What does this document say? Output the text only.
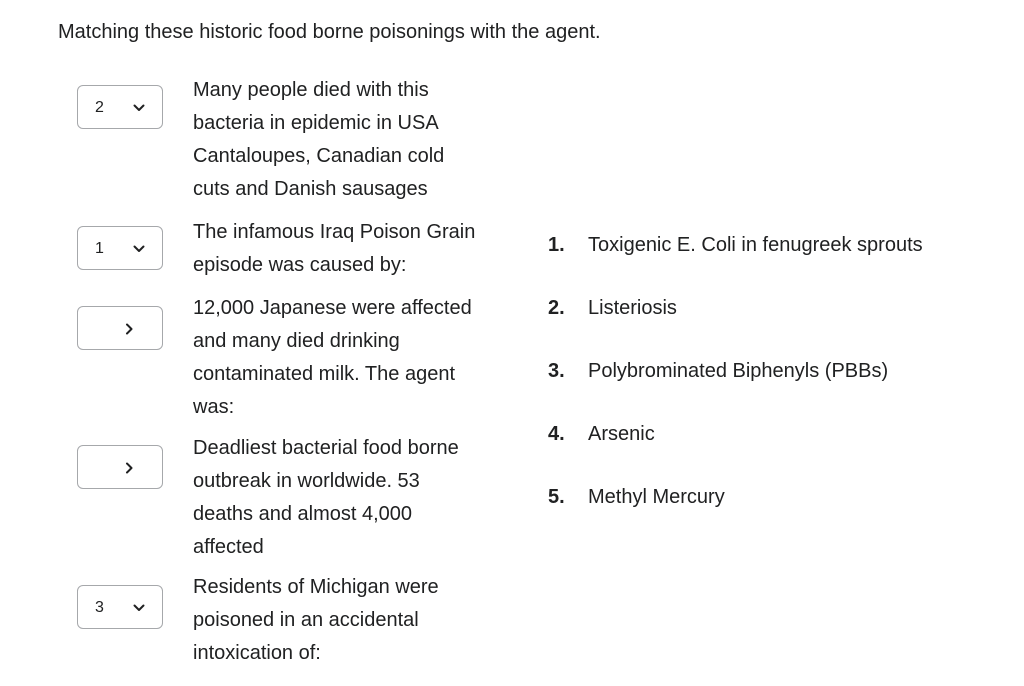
Matching these historic food borne poisonings with the agent.
2
Many people died with this
bacteria in epidemic in USA
Cantaloupes, Canadian cold
cuts and Danish sausages
1
The infamous Iraq Poison Grain
episode was caused by:
12,000 Japanese were affected
and many died drinking
contaminated milk. The agent
was:
Deadliest bacterial food borne
outbreak in worldwide. 53
deaths and almost 4,000
affected
3
Residents of Michigan were
poisoned in an accidental
intoxication of:
1. Toxigenic E. Coli in fenugreek sprouts
2. Listeriosis
3. Polybrominated Biphenyls (PBBs)
4. Arsenic
5. Methyl Mercury
